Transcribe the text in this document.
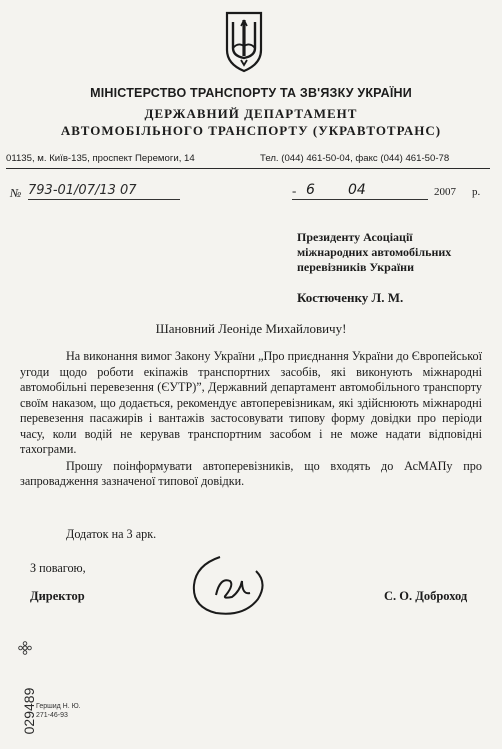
МІНІСТЕРСТВО ТРАНСПОРТУ ТА ЗВ'ЯЗКУ УКРАЇНИ
ДЕРЖАВНИЙ ДЕПАРТАМЕНТ
АВТОМОБІЛЬНОГО ТРАНСПОРТУ (УКРАВТОТРАНС)
01135, м. Київ-135, проспект Перемоги, 14	Тел. (044) 461-50-04, факс (044) 461-50-78
№ 793-01/07/13 07	- 6 04	2007 р.
Президенту Асоціації
міжнародних автомобільних
перевізників України
Костюченку Л. М.
Шановний Леоніде Михайловичу!

На виконання вимог Закону України „Про приєднання України до Європейської угоди щодо роботи екіпажів транспортних засобів, які виконують міжнародні автомобільні перевезення (ЄУТР)”, Державний департамент автомобільного транспорту своїм наказом, що додається, рекомендує автоперевізникам, які здійснюють міжнародні перевезення пасажирів і вантажів застосовувати типову форму довідки про періоди часу, коли водій не керував транспортним засобом і не може надати відповідні тахограми.

Прошу поінформувати автоперевізників, що входять до АсМАПу про запровадження зазначеної типової довідки.

Додаток на 3 арк.
З повагою,
Директор	С. О. Доброход
029489 Гершид Н. Ю.
271-46-93
